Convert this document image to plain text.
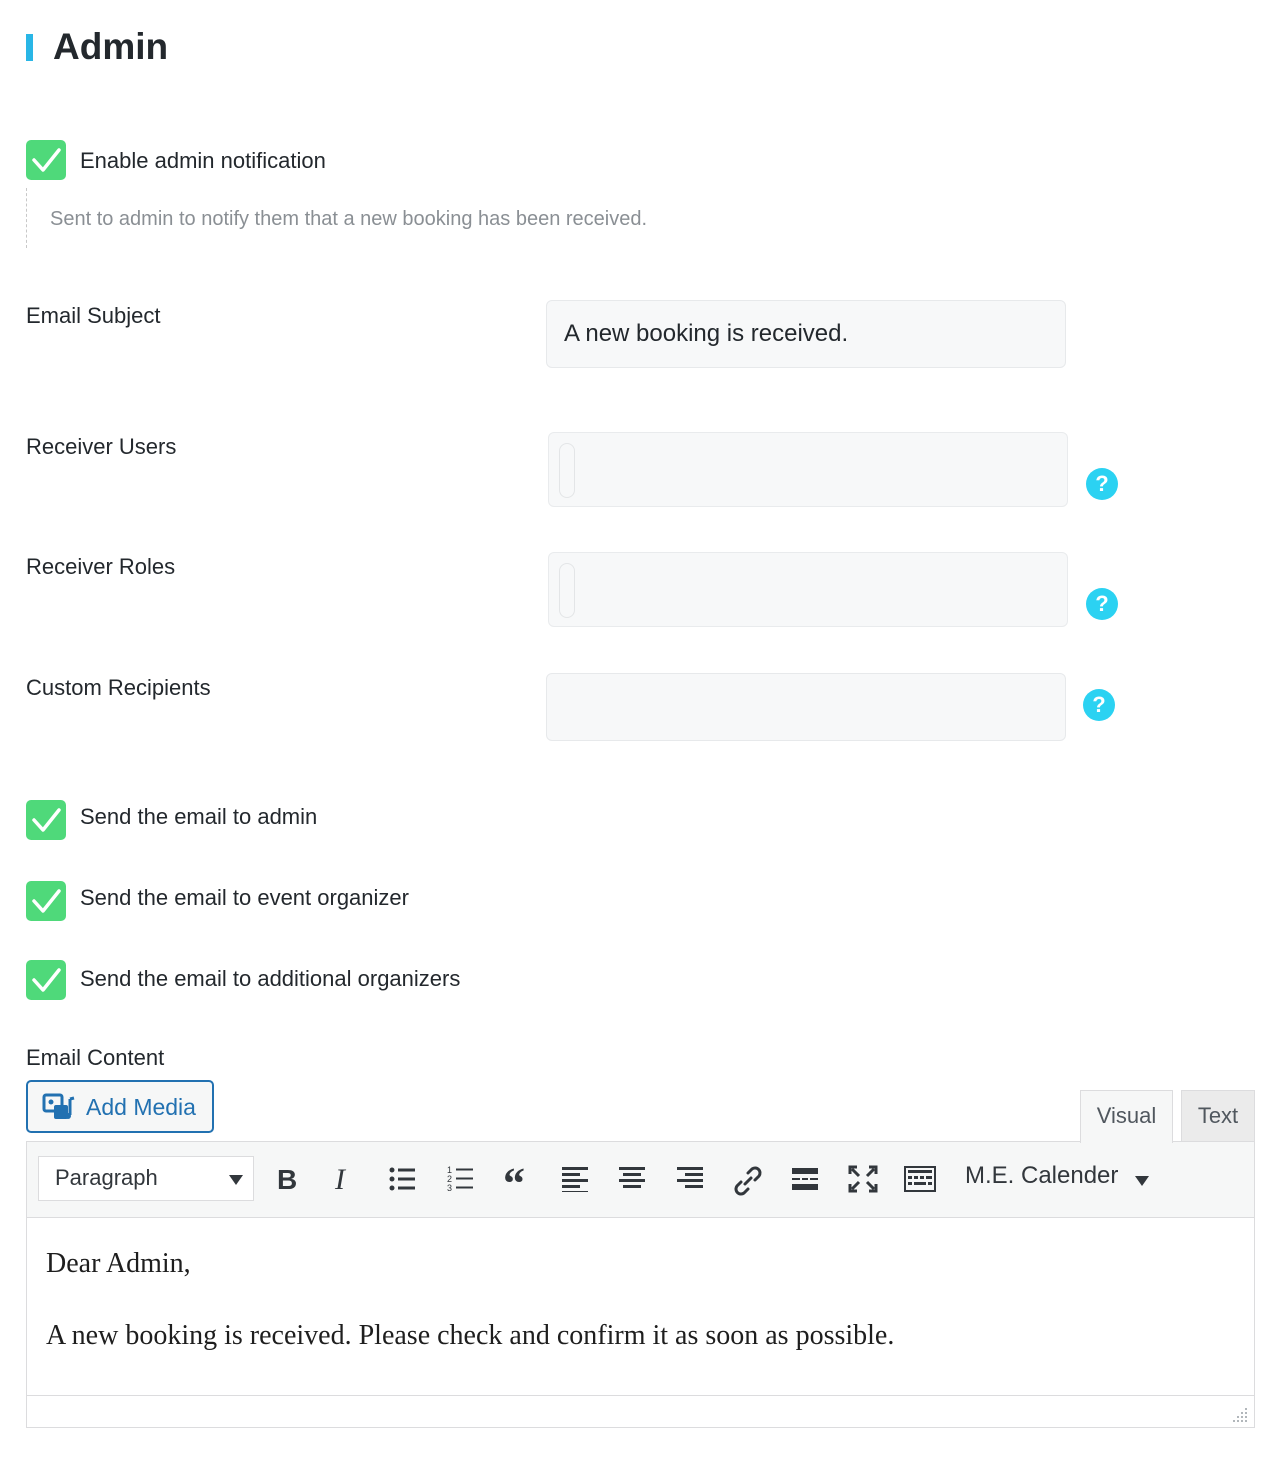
Admin
Enable admin notification
Sent to admin to notify them that a new booking has been received.
Email Subject
A new booking is received.
Receiver Users
?
Receiver Roles
?
Custom Recipients
?
Send the email to admin
Send the email to event organizer
Send the email to additional organizers
Email Content
Add Media	Text
Paragraph	B I	1
2
3 “	M.E. Calender

Dear Admin,

A new booking is received. Please check and confirm it as soon as possible.

Visual
